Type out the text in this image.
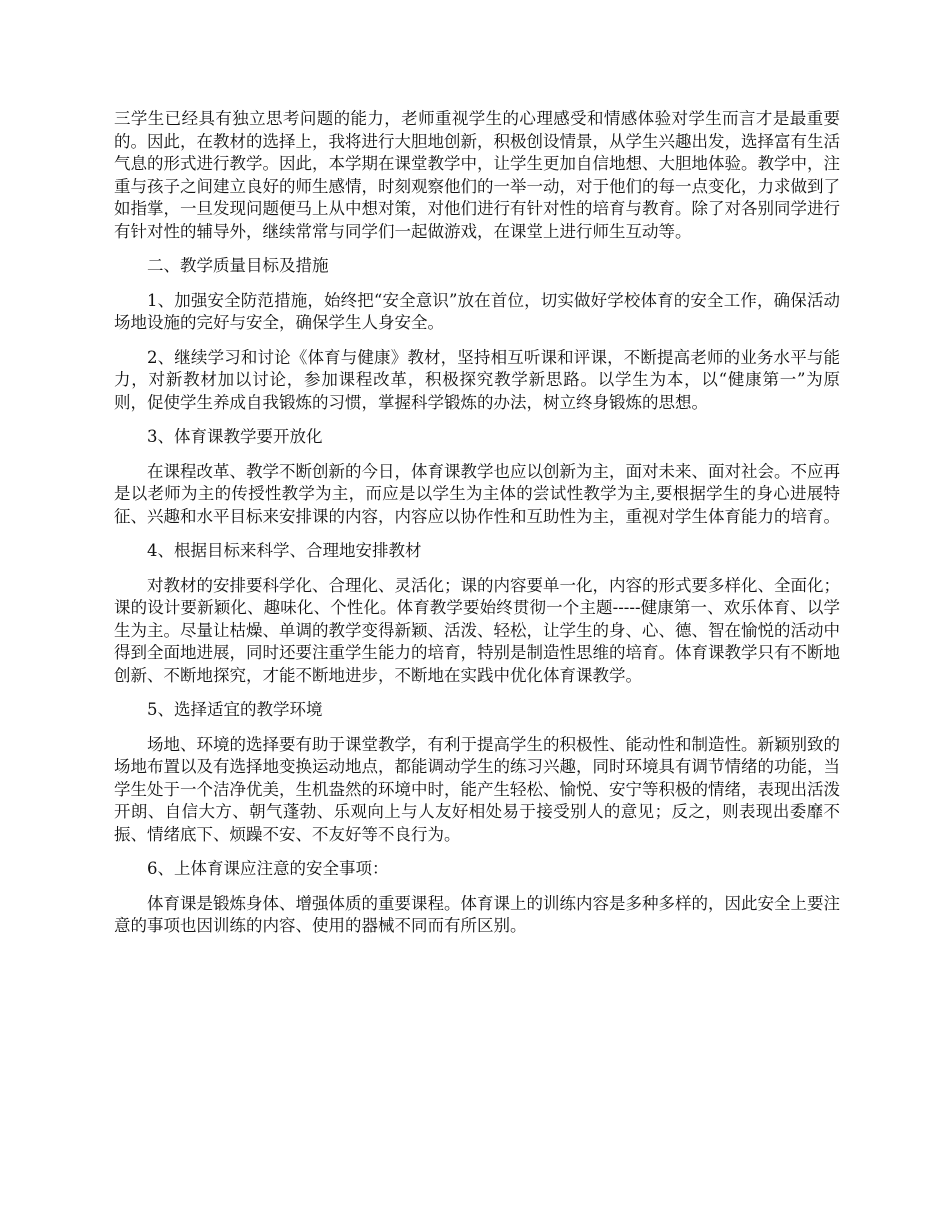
三学生已经具有独立思考问题的能力，老师重视学生的心理感受和情感体验对学生而言才是最重要的。因此，在教材的选择上，我将进行大胆地创新，积极创设情景，从学生兴趣出发，选择富有生活气息的形式进行教学。因此，本学期在课堂教学中，让学生更加自信地想、大胆地体验。教学中，注重与孩子之间建立良好的师生感情，时刻观察他们的一举一动，对于他们的每一点变化，力求做到了如指掌，一旦发现问题便马上从中想对策，对他们进行有针对性的培育与教育。除了对各别同学进行有针对性的辅导外，继续常常与同学们一起做游戏，在课堂上进行师生互动等。

二、教学质量目标及措施

1、加强安全防范措施，始终把“安全意识”放在首位，切实做好学校体育的安全工作，确保活动场地设施的完好与安全，确保学生人身安全。

2、继续学习和讨论《体育与健康》教材，坚持相互听课和评课，不断提高老师的业务水平与能力，对新教材加以讨论，参加课程改革，积极探究教学新思路。以学生为本，以“健康第一”为原则，促使学生养成自我锻炼的习惯，掌握科学锻炼的办法，树立终身锻炼的思想。

3、体育课教学要开放化

在课程改革、教学不断创新的今日，体育课教学也应以创新为主，面对未来、面对社会。不应再是以老师为主的传授性教学为主，而应是以学生为主体的尝试性教学为主,要根据学生的身心进展特征、兴趣和水平目标来安排课的内容，内容应以协作性和互助性为主，重视对学生体育能力的培育。

4、根据目标来科学、合理地安排教材

对教材的安排要科学化、合理化、灵活化；课的内容要单一化，内容的形式要多样化、全面化；课的设计要新颖化、趣味化、个性化。体育教学要始终贯彻一个主题-----健康第一、欢乐体育、以学生为主。尽量让枯燥、单调的教学变得新颖、活泼、轻松，让学生的身、心、德、智在愉悦的活动中得到全面地进展，同时还要注重学生能力的培育，特别是制造性思维的培育。体育课教学只有不断地创新、不断地探究，才能不断地进步，不断地在实践中优化体育课教学。

5、选择适宜的教学环境

场地、环境的选择要有助于课堂教学，有利于提高学生的积极性、能动性和制造性。新颖别致的场地布置以及有选择地变换运动地点，都能调动学生的练习兴趣，同时环境具有调节情绪的功能，当学生处于一个洁净优美，生机盎然的环境中时，能产生轻松、愉悦、安宁等积极的情绪，表现出活泼开朗、自信大方、朝气蓬勃、乐观向上与人友好相处易于接受别人的意见；反之，则表现出委靡不振、情绪底下、烦躁不安、不友好等不良行为。

6、上体育课应注意的安全事项：

体育课是锻炼身体、增强体质的重要课程。体育课上的训练内容是多种多样的，因此安全上要注意的事项也因训练的内容、使用的器械不同而有所区别。
